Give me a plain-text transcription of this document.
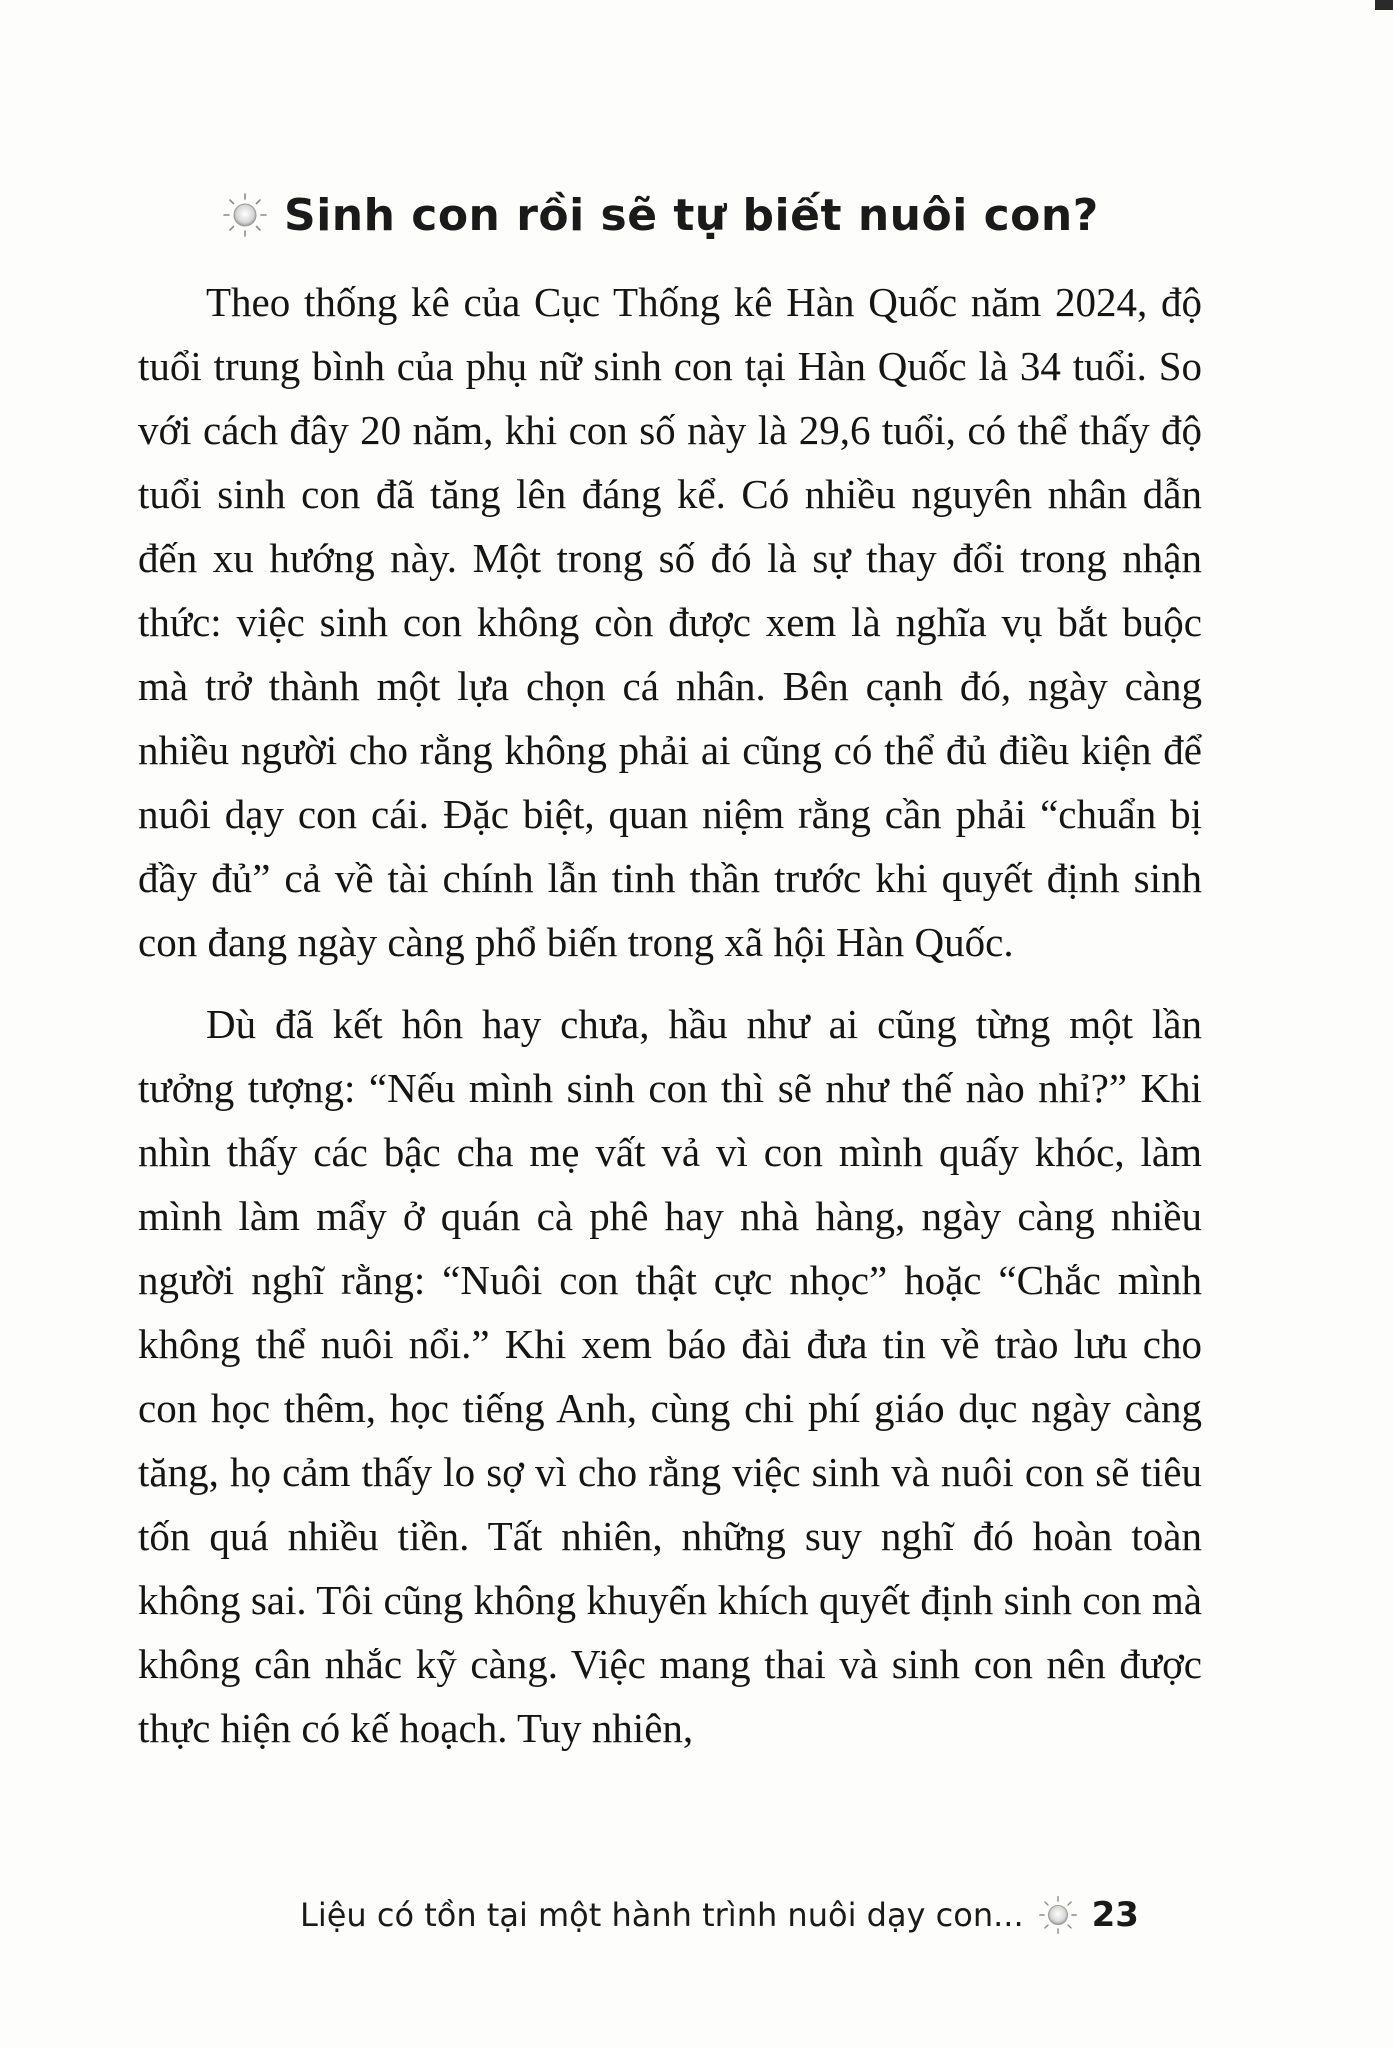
Sinh con rồi sẽ tự biết nuôi con?

Theo thống kê của Cục Thống kê Hàn Quốc năm 2024, độ tuổi trung bình của phụ nữ sinh con tại Hàn Quốc là 34 tuổi. So với cách đây 20 năm, khi con số này là 29,6 tuổi, có thể thấy độ tuổi sinh con đã tăng lên đáng kể. Có nhiều nguyên nhân dẫn đến xu hướng này. Một trong số đó là sự thay đổi trong nhận thức: việc sinh con không còn được xem là nghĩa vụ bắt buộc mà trở thành một lựa chọn cá nhân. Bên cạnh đó, ngày càng nhiều người cho rằng không phải ai cũng có thể đủ điều kiện để nuôi dạy con cái. Đặc biệt, quan niệm rằng cần phải “chuẩn bị đầy đủ” cả về tài chính lẫn tinh thần trước khi quyết định sinh con đang ngày càng phổ biến trong xã hội Hàn Quốc.

Dù đã kết hôn hay chưa, hầu như ai cũng từng một lần tưởng tượng: “Nếu mình sinh con thì sẽ như thế nào nhỉ?” Khi nhìn thấy các bậc cha mẹ vất vả vì con mình quấy khóc, làm mình làm mẩy ở quán cà phê hay nhà hàng, ngày càng nhiều người nghĩ rằng: “Nuôi con thật cực nhọc” hoặc “Chắc mình không thể nuôi nổi.” Khi xem báo đài đưa tin về trào lưu cho con học thêm, học tiếng Anh, cùng chi phí giáo dục ngày càng tăng, họ cảm thấy lo sợ vì cho rằng việc sinh và nuôi con sẽ tiêu tốn quá nhiều tiền. Tất nhiên, những suy nghĩ đó hoàn toàn không sai. Tôi cũng không khuyến khích quyết định sinh con mà không cân nhắc kỹ càng. Việc mang thai và sinh con nên được thực hiện có kế hoạch. Tuy nhiên,

Liệu có tồn tại một hành trình nuôi dạy con... 23
